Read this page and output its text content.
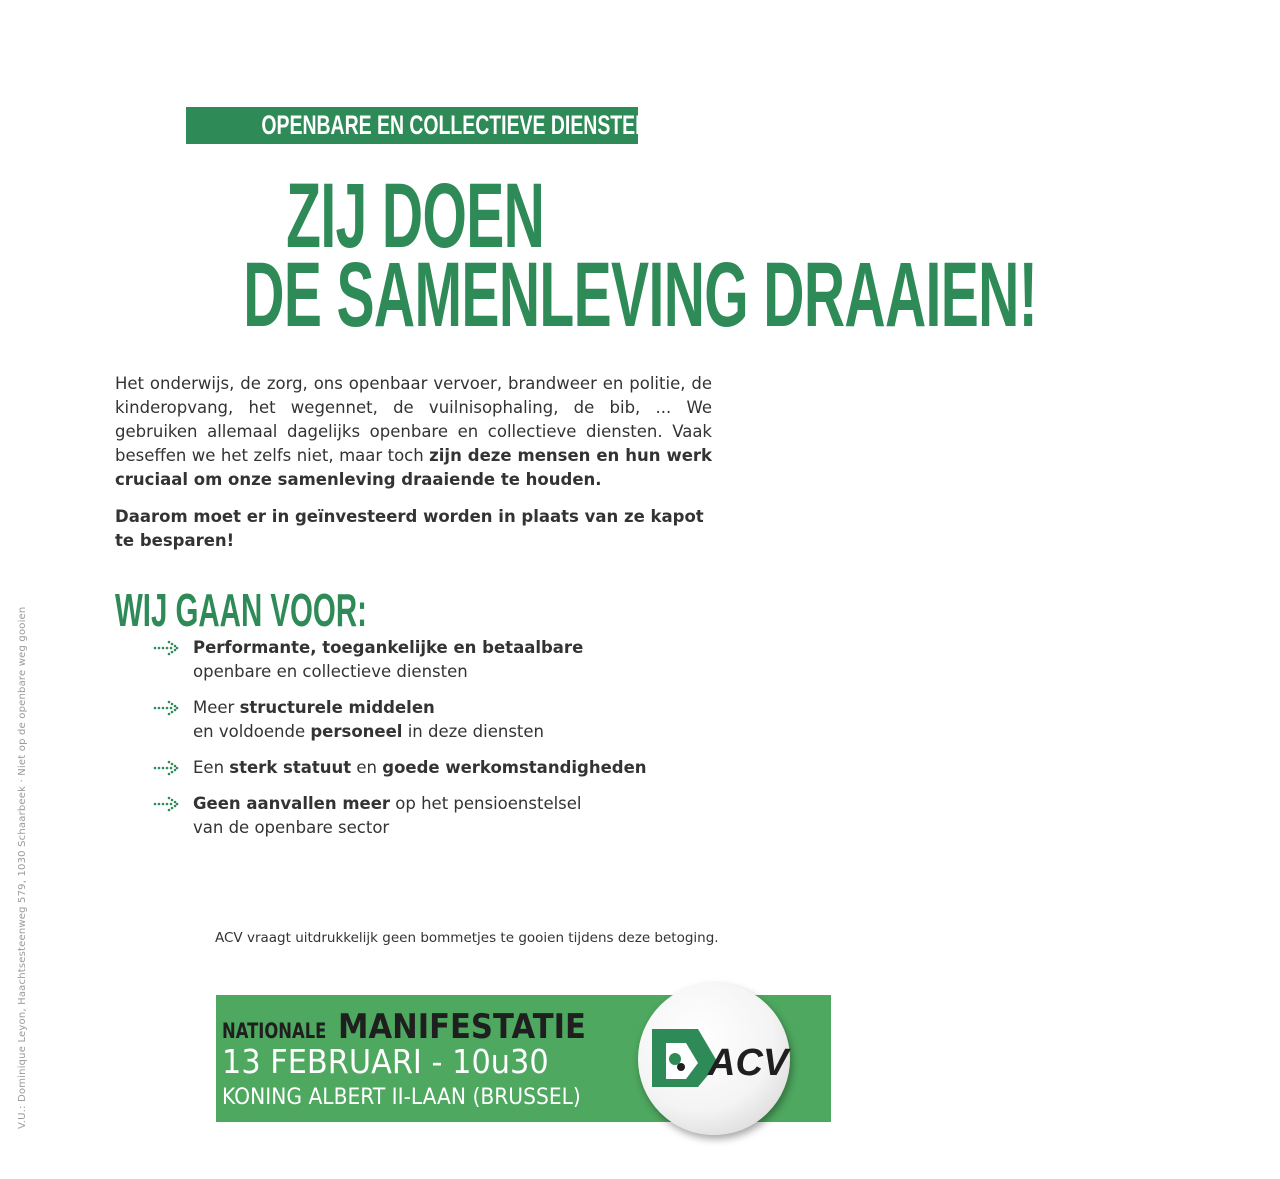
OPENBARE EN COLLECTIEVE DIENSTEN
ZIJ DOEN
DE SAMENLEVING DRAAIEN!

Het onderwijs, de zorg, ons openbaar vervoer, brandweer en politie, de kinderopvang, het wegennet, de vuilnisophaling, de bib, ... We gebruiken allemaal dagelijks openbare en collectieve diensten. Vaak beseffen we het zelfs niet, maar toch zijn deze mensen en hun werk cruciaal om onze samenleving draaiende te houden.

Daarom moet er in geïnvesteerd worden in plaats van ze kapot te besparen!

WIJ GAAN VOOR:
Performante, toegankelijke en betaalbare
openbare en collectieve diensten
Meer structurele middelen
en voldoende personeel in deze diensten
Een sterk statuut en goede werkomstandigheden
Geen aanvallen meer op het pensioenstelsel
van de openbare sector
ACV vraagt uitdrukkelijk geen bommetjes te gooien tijdens deze betoging.
V.U.: Dominique Leyon, Haachtsesteenweg 579, 1030 Schaarbeek · Niet op de openbare weg gooien	NATIONALE MANIFESTATIE
13 FEBRUARI - 10u30
KONING ALBERT II-LAAN (BRUSSEL)
ACV
